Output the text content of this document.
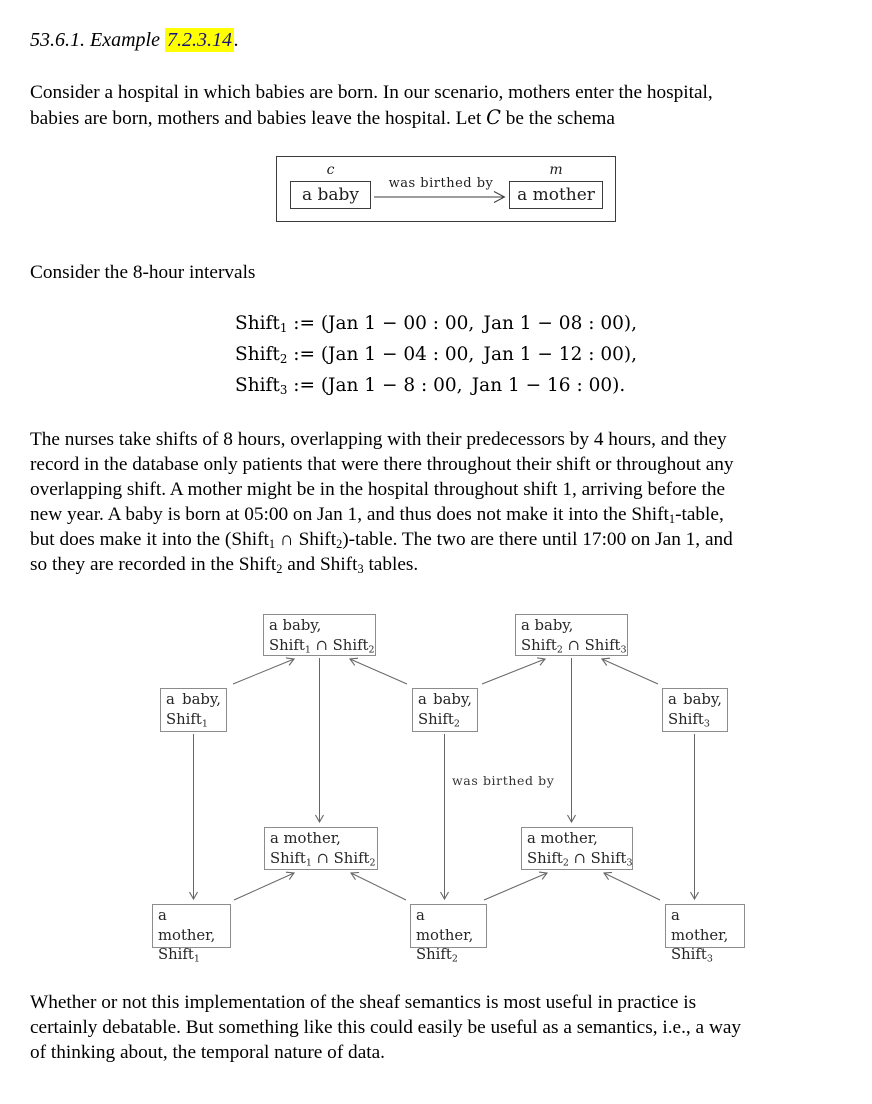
53.6.1. Example 7.2.3.14 .
Consider a hospital in which babies are born. In our scenario, mothers enter the hospital,
babies are born, mothers and babies leave the hospital. Let C be the schema
c
a baby
was birthed by
m
a mother
Consider the 8-hour intervals
Shift$_1$ := (Jan 1 − 00 : 00, Jan 1 − 08 : 00),
Shift$_2$ := (Jan 1 − 04 : 00, Jan 1 − 12 : 00),
Shift$_3$ := (Jan 1 − 8 : 00, Jan 1 − 16 : 00).
The nurses take shifts of 8 hours, overlapping with their predecessors by 4 hours, and they
record in the database only patients that were there throughout their shift or throughout any
overlapping shift. A mother might be in the hospital throughout shift 1, arriving before the
new year. A baby is born at 05:00 on Jan 1, and thus does not make it into the Shift$_1$-table,
but does make it into the (Shift$_1$ ∩ Shift$_2$)-table. The two are there until 17:00 on Jan 1, and
so they are recorded in the Shift$_2$ and Shift$_3$ tables.
was birthed by
a baby,
Shift$_1$ ∩ Shift$_2$
a baby,
Shift$_2$ ∩ Shift$_3$
a baby,
Shift$_1$
a baby,
Shift$_2$
a baby,
Shift$_3$
a mother,
Shift$_1$ ∩ Shift$_2$
a mother,
Shift$_2$ ∩ Shift$_3$
a mother,
Shift$_1$
a mother,
Shift$_2$
a mother,
Shift$_3$
Whether or not this implementation of the sheaf semantics is most useful in practice is
certainly debatable. But something like this could easily be useful as a semantics, i.e., a way
of thinking about, the temporal nature of data.
